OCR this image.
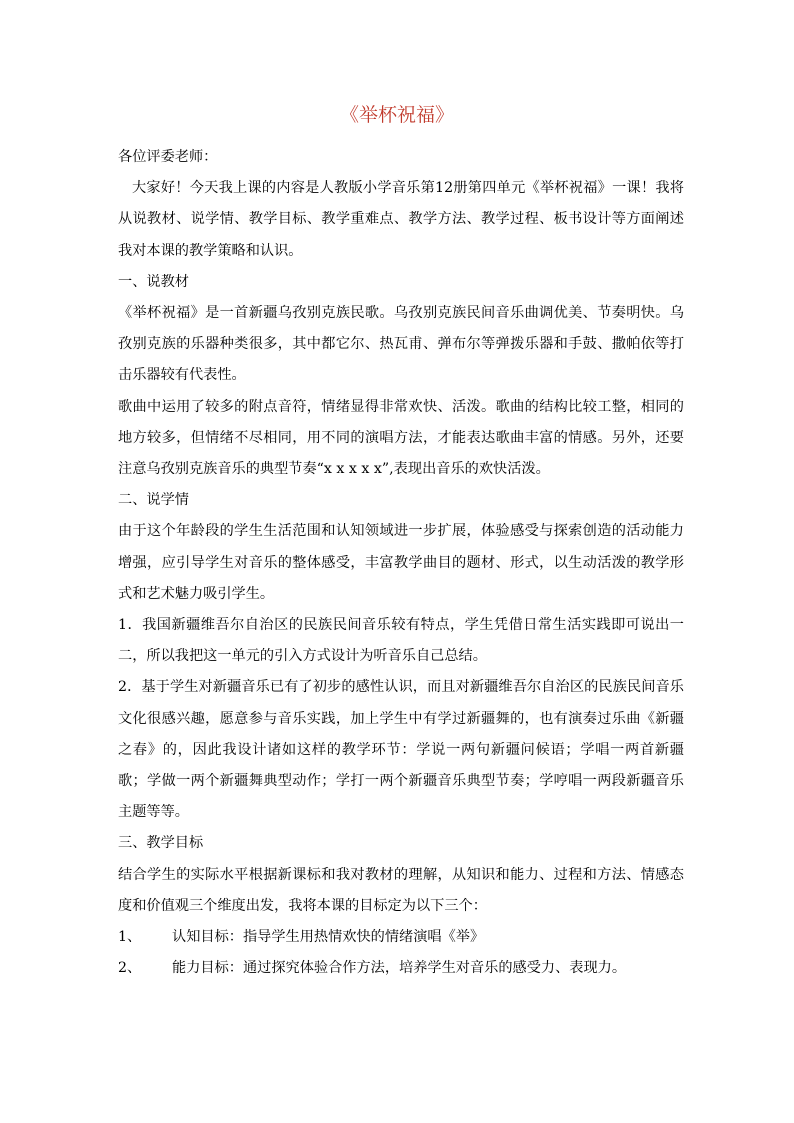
《举杯祝福》

各位评委老师：

大家好！今天我上课的内容是人教版小学音乐第12册第四单元《举杯祝福》一课！我将从说教材、说学情、教学目标、教学重难点、教学方法、教学过程、板书设计等方面阐述我对本课的教学策略和认识。

一、说教材

《举杯祝福》是一首新疆乌孜别克族民歌。乌孜别克族民间音乐曲调优美、节奏明快。乌孜别克族的乐器种类很多，其中都它尔、热瓦甫、弹布尔等弹拨乐器和手鼓、撒帕依等打击乐器较有代表性。

歌曲中运用了较多的附点音符，情绪显得非常欢快、活泼。歌曲的结构比较工整，相同的地方较多，但情绪不尽相同，用不同的演唱方法，才能表达歌曲丰富的情感。另外，还要注意乌孜别克族音乐的典型节奏“x x x x x”,表现出音乐的欢快活泼。

二、说学情

由于这个年龄段的学生生活范围和认知领域进一步扩展，体验感受与探索创造的活动能力增强，应引导学生对音乐的整体感受，丰富教学曲目的题材、形式，以生动活泼的教学形式和艺术魅力吸引学生。

1．我国新疆维吾尔自治区的民族民间音乐较有特点，学生凭借日常生活实践即可说出一二，所以我把这一单元的引入方式设计为听音乐自己总结。

2．基于学生对新疆音乐已有了初步的感性认识，而且对新疆维吾尔自治区的民族民间音乐文化很感兴趣，愿意参与音乐实践，加上学生中有学过新疆舞的，也有演奏过乐曲《新疆之春》的，因此我设计诸如这样的教学环节：学说一两句新疆问候语；学唱一两首新疆歌；学做一两个新疆舞典型动作；学打一两个新疆音乐典型节奏；学哼唱一两段新疆音乐主题等等。

三、教学目标

结合学生的实际水平根据新课标和我对教材的理解，从知识和能力、过程和方法、情感态度和价值观三个维度出发，我将本课的目标定为以下三个：

1、	认知目标：指导学生用热情欢快的情绪演唱《举》
2、	能力目标：通过探究体验合作方法，培养学生对音乐的感受力、表现力。
